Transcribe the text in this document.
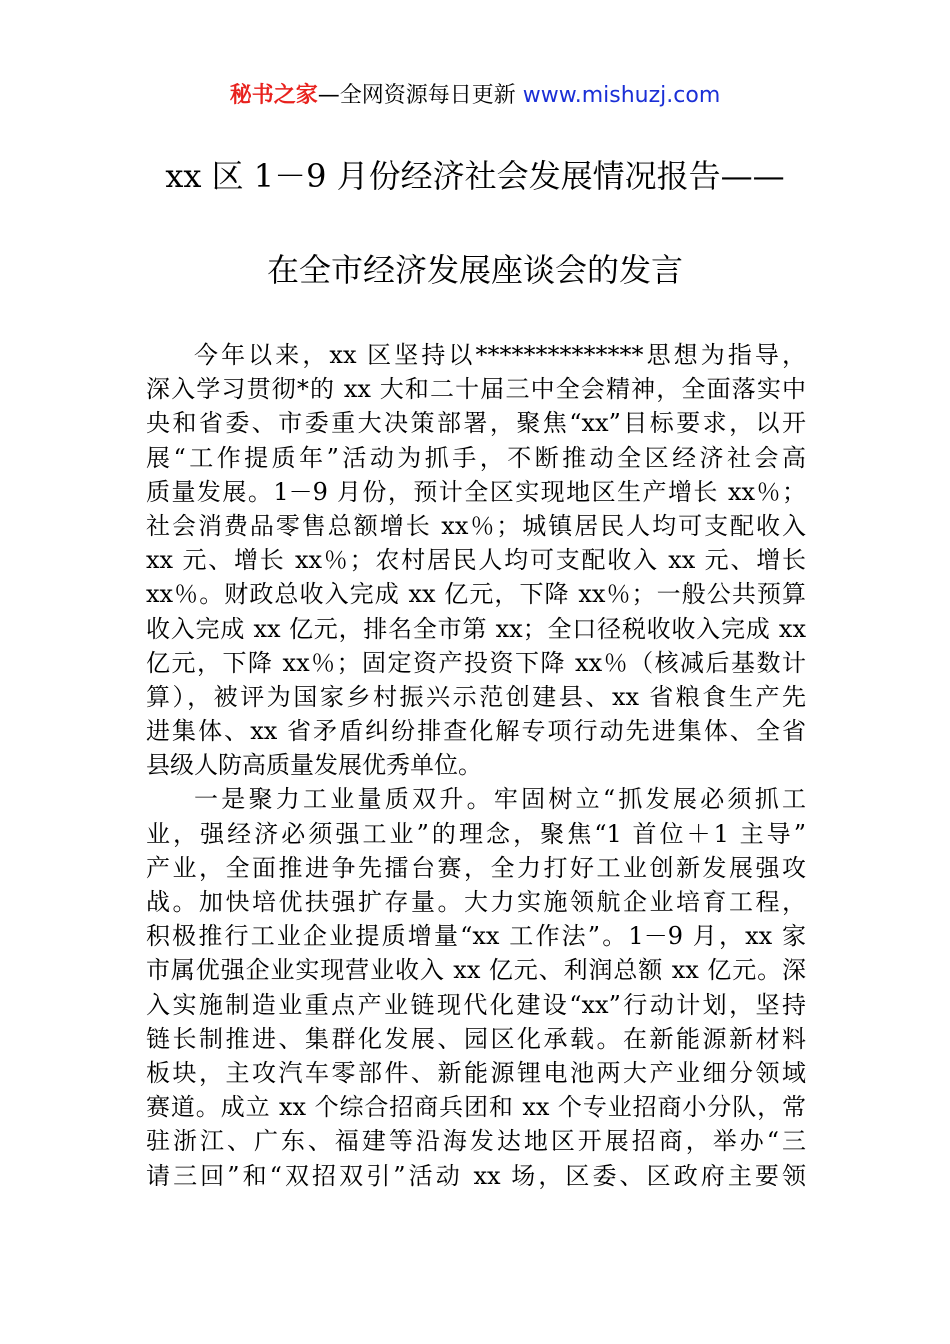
秘书之家—全网资源每日更新 www.mishuzj.com
xx 区 1－9 月份经济社会发展情况报告——
在全市经济发展座谈会的发言
今年以来，xx 区坚持以**************思想为指导，
深入学习贯彻*的 xx 大和二十届三中全会精神，全面落实中
央和省委、市委重大决策部署，聚焦“xx”目标要求，以开
展“工作提质年”活动为抓手，不断推动全区经济社会高
质量发展。1－9 月份，预计全区实现地区生产增长 xx％；
社会消费品零售总额增长 xx％；城镇居民人均可支配收入
xx 元、增长 xx％；农村居民人均可支配收入 xx 元、增长
xx％。财政总收入完成 xx 亿元，下降 xx％；一般公共预算
收入完成 xx 亿元，排名全市第 xx；全口径税收收入完成 xx
亿元，下降 xx％；固定资产投资下降 xx％（核减后基数计
算），被评为国家乡村振兴示范创建县、xx 省粮食生产先
进集体、xx 省矛盾纠纷排查化解专项行动先进集体、全省
县级人防高质量发展优秀单位。
一是聚力工业量质双升。牢固树立“抓发展必须抓工
业，强经济必须强工业”的理念，聚焦“1 首位＋1 主导”
产业，全面推进争先擂台赛，全力打好工业创新发展强攻
战。加快培优扶强扩存量。大力实施领航企业培育工程，
积极推行工业企业提质增量“xx 工作法”。1－9 月，xx 家
市属优强企业实现营业收入 xx 亿元、利润总额 xx 亿元。深
入实施制造业重点产业链现代化建设“xx”行动计划，坚持
链长制推进、集群化发展、园区化承载。在新能源新材料
板块，主攻汽车零部件、新能源锂电池两大产业细分领域
赛道。成立 xx 个综合招商兵团和 xx 个专业招商小分队，常
驻浙江、广东、福建等沿海发达地区开展招商，举办“三
请三回”和“双招双引”活动 xx 场，区委、区政府主要领
